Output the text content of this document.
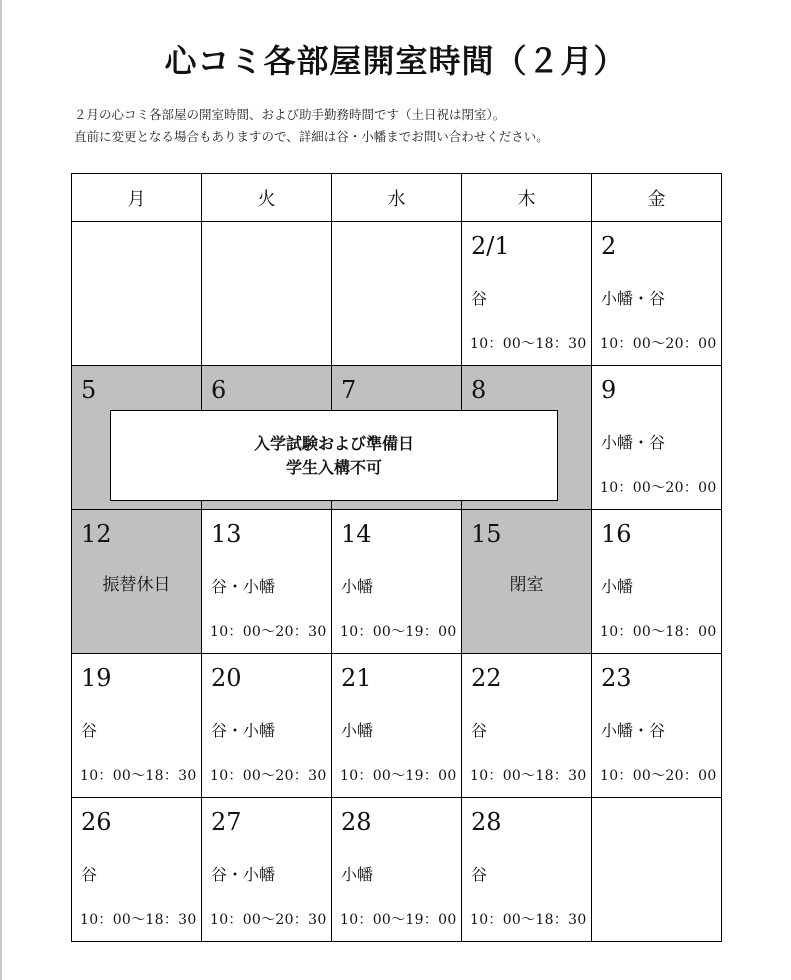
心コミ各部屋開室時間（２月）
２月の心コミ各部屋の開室時間、および助手勤務時間です（土日祝は閉室）。
直前に変更となる場合もありますので、詳細は谷・小幡までお問い合わせください。
月	火	水	木	金

			2/1
谷
10：00〜18：30	2
小幡・谷
10：00〜20：00

5	6	7	8	9
小幡・谷
10：00〜20：00

12
振替休日	13
谷・小幡
10：00〜20：30	14
小幡
10：00〜19：00	15
閉室	16
小幡
10：00〜18：00

19
谷
10：00〜18：30	20
谷・小幡
10：00〜20：30	21
小幡
10：00〜19：00	22
谷
10：00〜18：30	23
小幡・谷
10：00〜20：00

26
谷
10：00〜18：30	27
谷・小幡
10：00〜20：30	28
小幡
10：00〜19：00	28
谷
10：00〜18：30	

入学試験および準備日
学生入構不可
